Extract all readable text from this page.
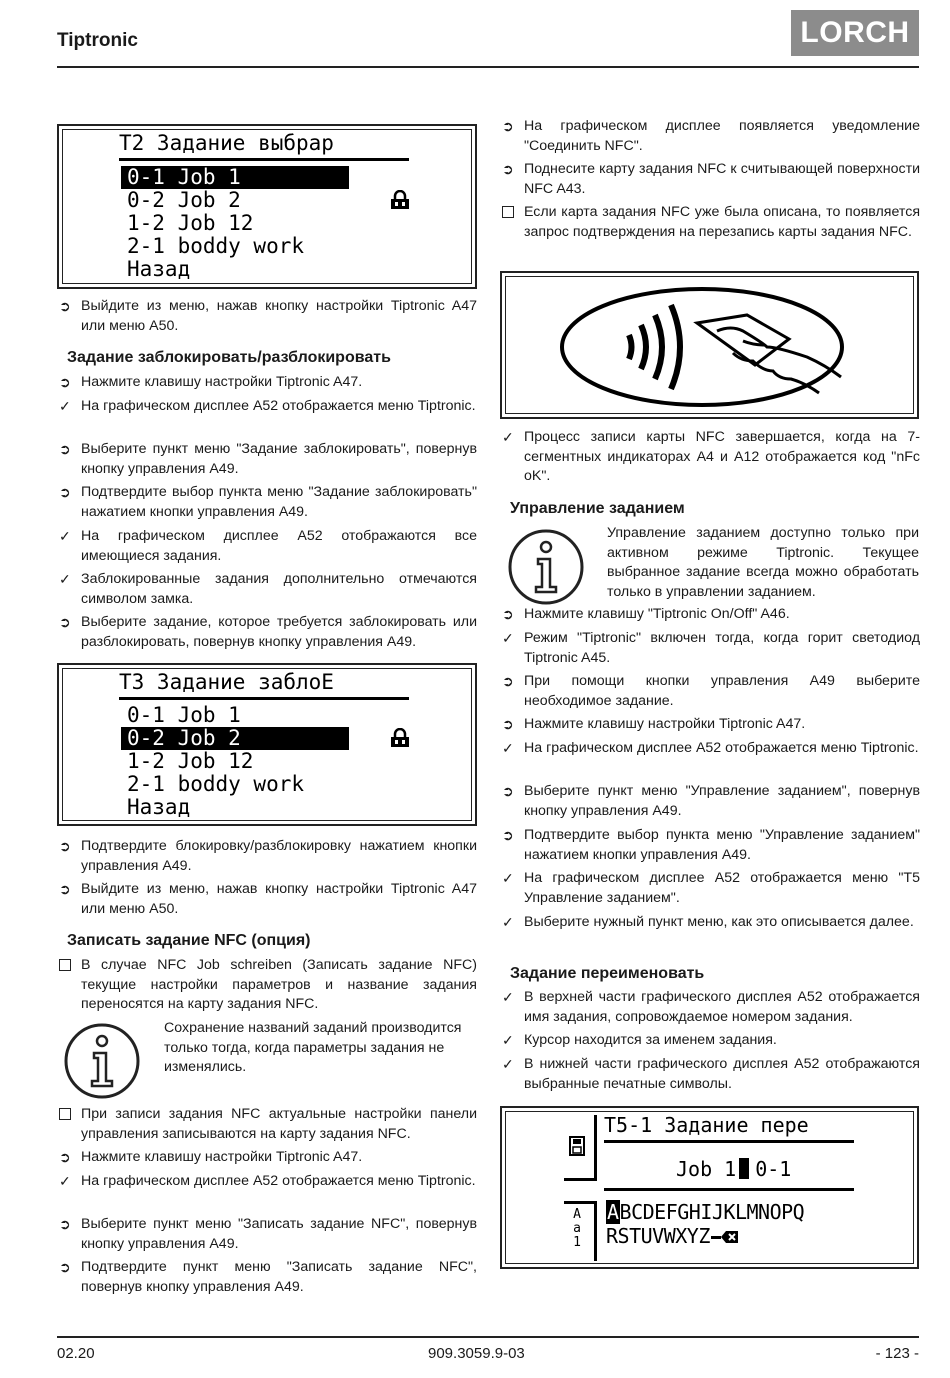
Tiptronic	LORCH
T2 Задание выбрар
0-1 Job 1
0-2 Job 2
1-2 Job 12
2-1 boddy work
Назад
➲ Выйдите из меню, нажав кнопку настройки Tiptronic A47 или меню A50.
Задание заблокировать/разблокировать
➲ Нажмите клавишу настройки Tiptronic A47.
✓ На графическом дисплее A52 отображается меню Tiptronic.
➲ Выберите пункт меню "Задание заблокировать", повернув кнопку управления A49.
➲ Подтвердите выбор пункта меню "Задание заблокировать" нажатием кнопки управления A49.
✓ На графическом дисплее A52 отображаются все имеющиеся задания.
✓ Заблокированные задания дополнительно отмечаются символом замка.
➲ Выберите задание, которое требуется заблокировать или разблокировать, повернув кнопку управления A49.
T3 Задание заблоЕ
0-1 Job 1
0-2 Job 2
1-2 Job 12
2-1 boddy work
Назад
➲ Подтвердите блокировку/разблокировку нажатием кнопки управления A49.
➲ Выйдите из меню, нажав кнопку настройки Tiptronic A47 или меню A50.
Записать задание NFC (опция)
В случае NFC Job schreiben (Записать задание NFC) текущие настройки параметров и название задания переносятся на карту задания NFC.
Сохранение названий заданий производится только тогда, когда параметры задания не изменялись.
При записи задания NFC актуальные настройки панели управления записываются на карту задания NFC.
➲ Нажмите клавишу настройки Tiptronic A47.
✓ На графическом дисплее A52 отображается меню Tiptronic.
➲ Выберите пункт меню "Записать задание NFC", повернув кнопку управления A49.
➲ Подтвердите пункт меню "Записать задание NFC", повернув кнопку управления A49.
➲ На графическом дисплее появляется уведомление "Соединить NFC".
➲ Поднесите карту задания NFC к считывающей поверхности NFC A43.
Если карта задания NFC уже была описана, то появляется запрос подтверждения на перезапись карты задания NFC.
✓ Процесс записи карты NFC завершается, когда на 7-сегментных индикаторах A4 и A12 отображается код "nFc oK".
Управление заданием
Управление заданием доступно только при активном режиме Tiptronic. Текущее выбранное задание всегда можно обработать только в управлении заданием.
➲ Нажмите клавишу "Tiptronic On/Off" A46.
✓ Режим "Tiptronic" включен тогда, когда горит светодиод Tiptronic A45.
➲ При помощи кнопки управления A49 выберите необходимое задание.
➲ Нажмите клавишу настройки Tiptronic A47.
✓ На графическом дисплее A52 отображается меню Tiptronic.
➲ Выберите пункт меню "Управление заданием", повернув кнопку управления A49.
➲ Подтвердите выбор пункта меню "Управление заданием" нажатием кнопки управления A49.
✓ На графическом дисплее A52 отображается меню "T5 Управление заданием".
✓ Выберите нужный пункт меню, как это описывается далее.
Задание переименовать
✓ В верхней части графического дисплея A52 отображается имя задания, сопровождаемое номером задания.
✓ Курсор находится за именем задания.
✓ В нижней части графического дисплея A52 отображаются выбранные печатные символы.
T5-1 Задание пере
Job 1 0-1
A a 1
ABCDEFGHIJKLMNOPQ
RSTUVWXYZ
02.20	909.3059.9-03	- 123 -
